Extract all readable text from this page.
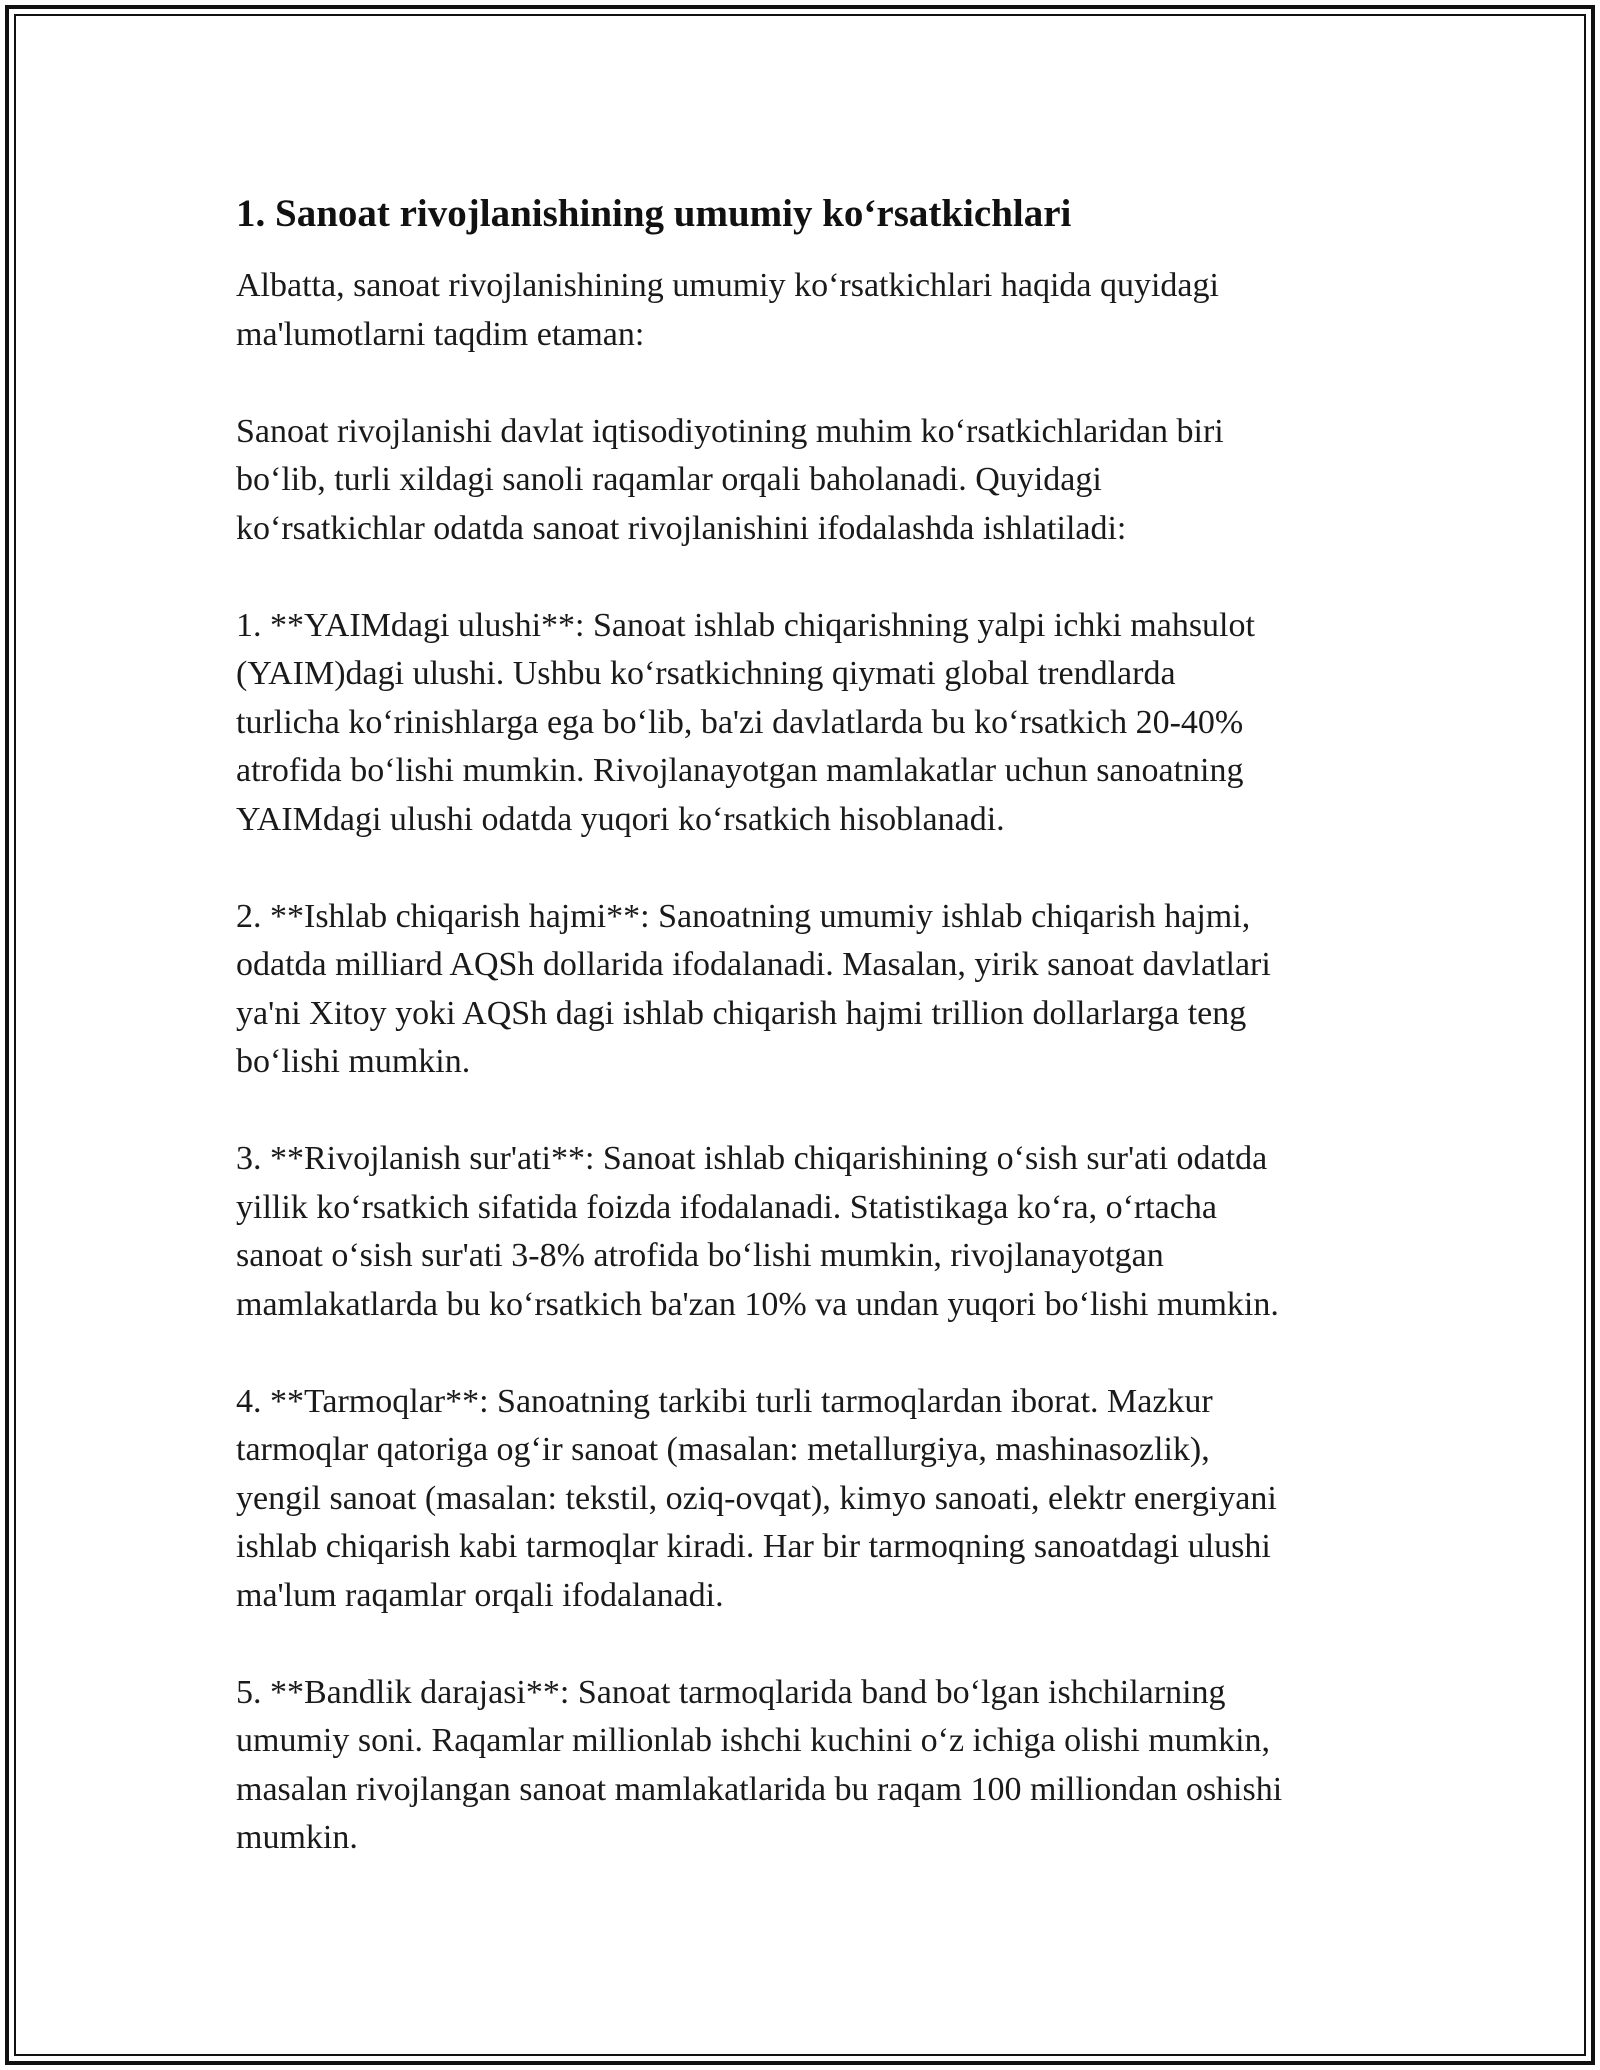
1. Sanoat rivojlanishining umumiy koʻrsatkichlari

Albatta, sanoat rivojlanishining umumiy koʻrsatkichlari haqida quyidagi
ma'lumotlarni taqdim etaman:

Sanoat rivojlanishi davlat iqtisodiyotining muhim koʻrsatkichlaridan biri
boʻlib, turli xildagi sanoli raqamlar orqali baholanadi. Quyidagi
koʻrsatkichlar odatda sanoat rivojlanishini ifodalashda ishlatiladi:

1. **YAIMdagi ulushi**: Sanoat ishlab chiqarishning yalpi ichki mahsulot
(YAIM)dagi ulushi. Ushbu koʻrsatkichning qiymati global trendlarda
turlicha koʻrinishlarga ega boʻlib, ba'zi davlatlarda bu koʻrsatkich 20-40%
atrofida boʻlishi mumkin. Rivojlanayotgan mamlakatlar uchun sanoatning
YAIMdagi ulushi odatda yuqori koʻrsatkich hisoblanadi.

2. **Ishlab chiqarish hajmi**: Sanoatning umumiy ishlab chiqarish hajmi,
odatda milliard AQSh dollarida ifodalanadi. Masalan, yirik sanoat davlatlari
ya'ni Xitoy yoki AQSh dagi ishlab chiqarish hajmi trillion dollarlarga teng
boʻlishi mumkin.

3. **Rivojlanish sur'ati**: Sanoat ishlab chiqarishining oʻsish sur'ati odatda
yillik koʻrsatkich sifatida foizda ifodalanadi. Statistikaga koʻra, oʻrtacha
sanoat oʻsish sur'ati 3-8% atrofida boʻlishi mumkin, rivojlanayotgan
mamlakatlarda bu koʻrsatkich ba'zan 10% va undan yuqori boʻlishi mumkin.

4. **Tarmoqlar**: Sanoatning tarkibi turli tarmoqlardan iborat. Mazkur
tarmoqlar qatoriga ogʻir sanoat (masalan: metallurgiya, mashinasozlik),
yengil sanoat (masalan: tekstil, oziq-ovqat), kimyo sanoati, elektr energiyani
ishlab chiqarish kabi tarmoqlar kiradi. Har bir tarmoqning sanoatdagi ulushi
ma'lum raqamlar orqali ifodalanadi.

5. **Bandlik darajasi**: Sanoat tarmoqlarida band boʻlgan ishchilarning
umumiy soni. Raqamlar millionlab ishchi kuchini oʻz ichiga olishi mumkin,
masalan rivojlangan sanoat mamlakatlarida bu raqam 100 milliondan oshishi
mumkin.
